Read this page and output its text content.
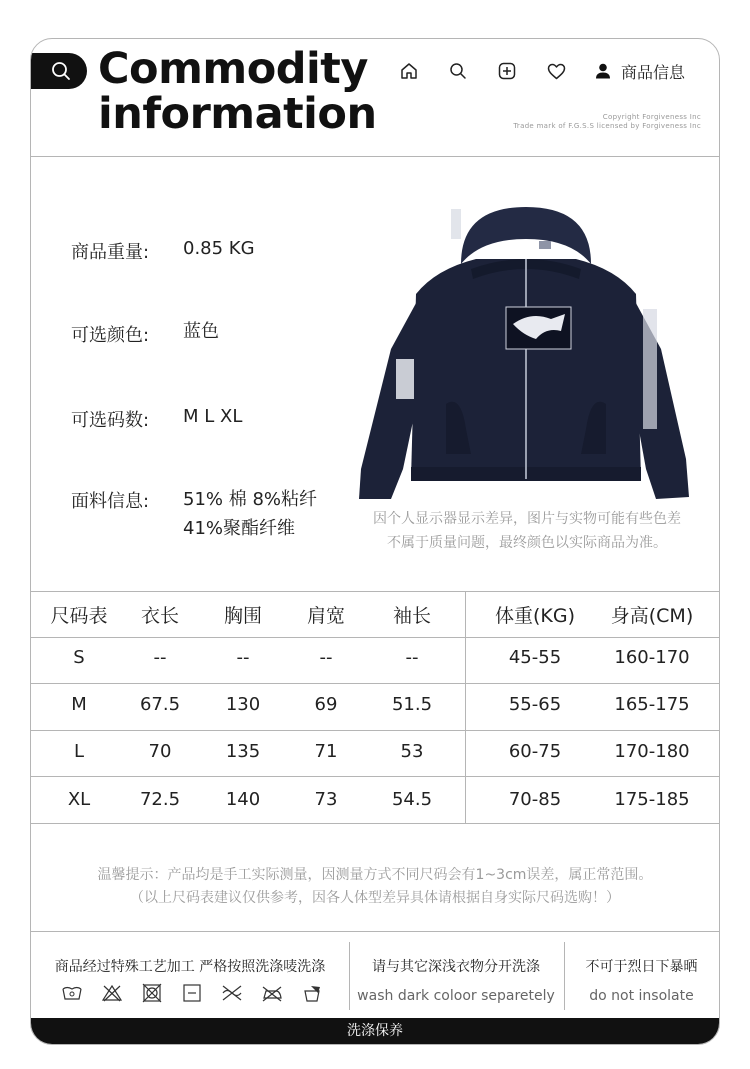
Commodity
information
商品信息
Copyright Forgiveness Inc
Trade mark of F.G.S.S licensed by Forgiveness Inc
商品重量: 0.85 KG
可选颜色: 蓝色
可选码数: M L XL
面料信息: 51% 棉 8%粘纤
41%聚酯纤维	因个人显示器显示差异，图片与实物可能有些色差
不属于质量问题，最终颜色以实际商品为准。
尺码表	衣长	胸围	肩宽	袖长	体重(KG)	身高(CM)
S	--	--	--	--	45-55	160-170
M	67.5	130	69	51.5	55-65	165-175
L	70	135	71	53	60-75	170-180
XL	72.5	140	73	54.5	70-85	175-185
温馨提示：产品均是手工实际测量，因测量方式不同尺码会有1~3cm误差，属正常范围。
（以上尺码表建议仅供参考，因各人体型差异具体请根据自身实际尺码选购！）
商品经过特殊工艺加工 严格按照洗涤唛洗涤	请与其它深浅衣物分开洗涤
wash dark coloor separetely
不可于烈日下暴晒
do not insolate
洗涤保养
